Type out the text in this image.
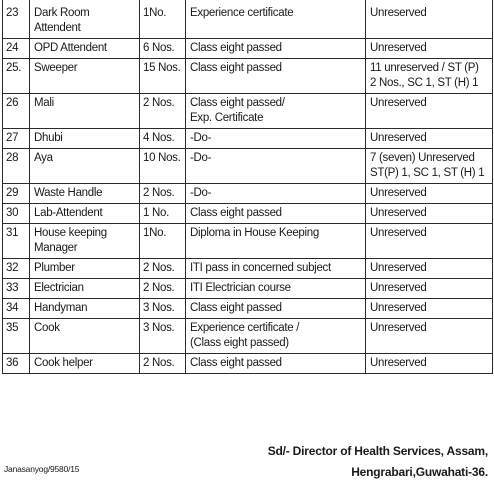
23	Dark Room
Attendent	1No.	Experience certificate	Unreserved
24	OPD Attendent	6 Nos.	Class eight passed	Unreserved
25.	Sweeper	15 Nos.	Class eight passed	11 unreserved / ST (P)
2 Nos., SC 1, ST (H) 1
26	Mali	2 Nos.	Class eight passed/
Exp. Certificate	Unreserved
27	Dhubi	4 Nos.	-Do-	Unreserved
28	Aya	10 Nos.	-Do-	7 (seven) Unreserved
ST(P) 1, SC 1, ST (H) 1
29	Waste Handle	2 Nos.	-Do-	Unreserved
30	Lab-Attendent	1 No.	Class eight passed	Unreserved
31	House keeping
Manager	1No.	Diploma in House Keeping	Unreserved
32	Plumber	2 Nos.	ITI pass in concerned subject	Unreserved
33	Electrician	2 Nos.	ITI Electrician course	Unreserved
34	Handyman	3 Nos.	Class eight passed	Unreserved
35	Cook	3 Nos.	Experience certificate /
(Class eight passed)	Unreserved
36	Cook helper	2 Nos.	Class eight passed	Unreserved
Sd/- Director of Health Services, Assam,
Hengrabari,Guwahati-36.
Janasanyog/9580/15
